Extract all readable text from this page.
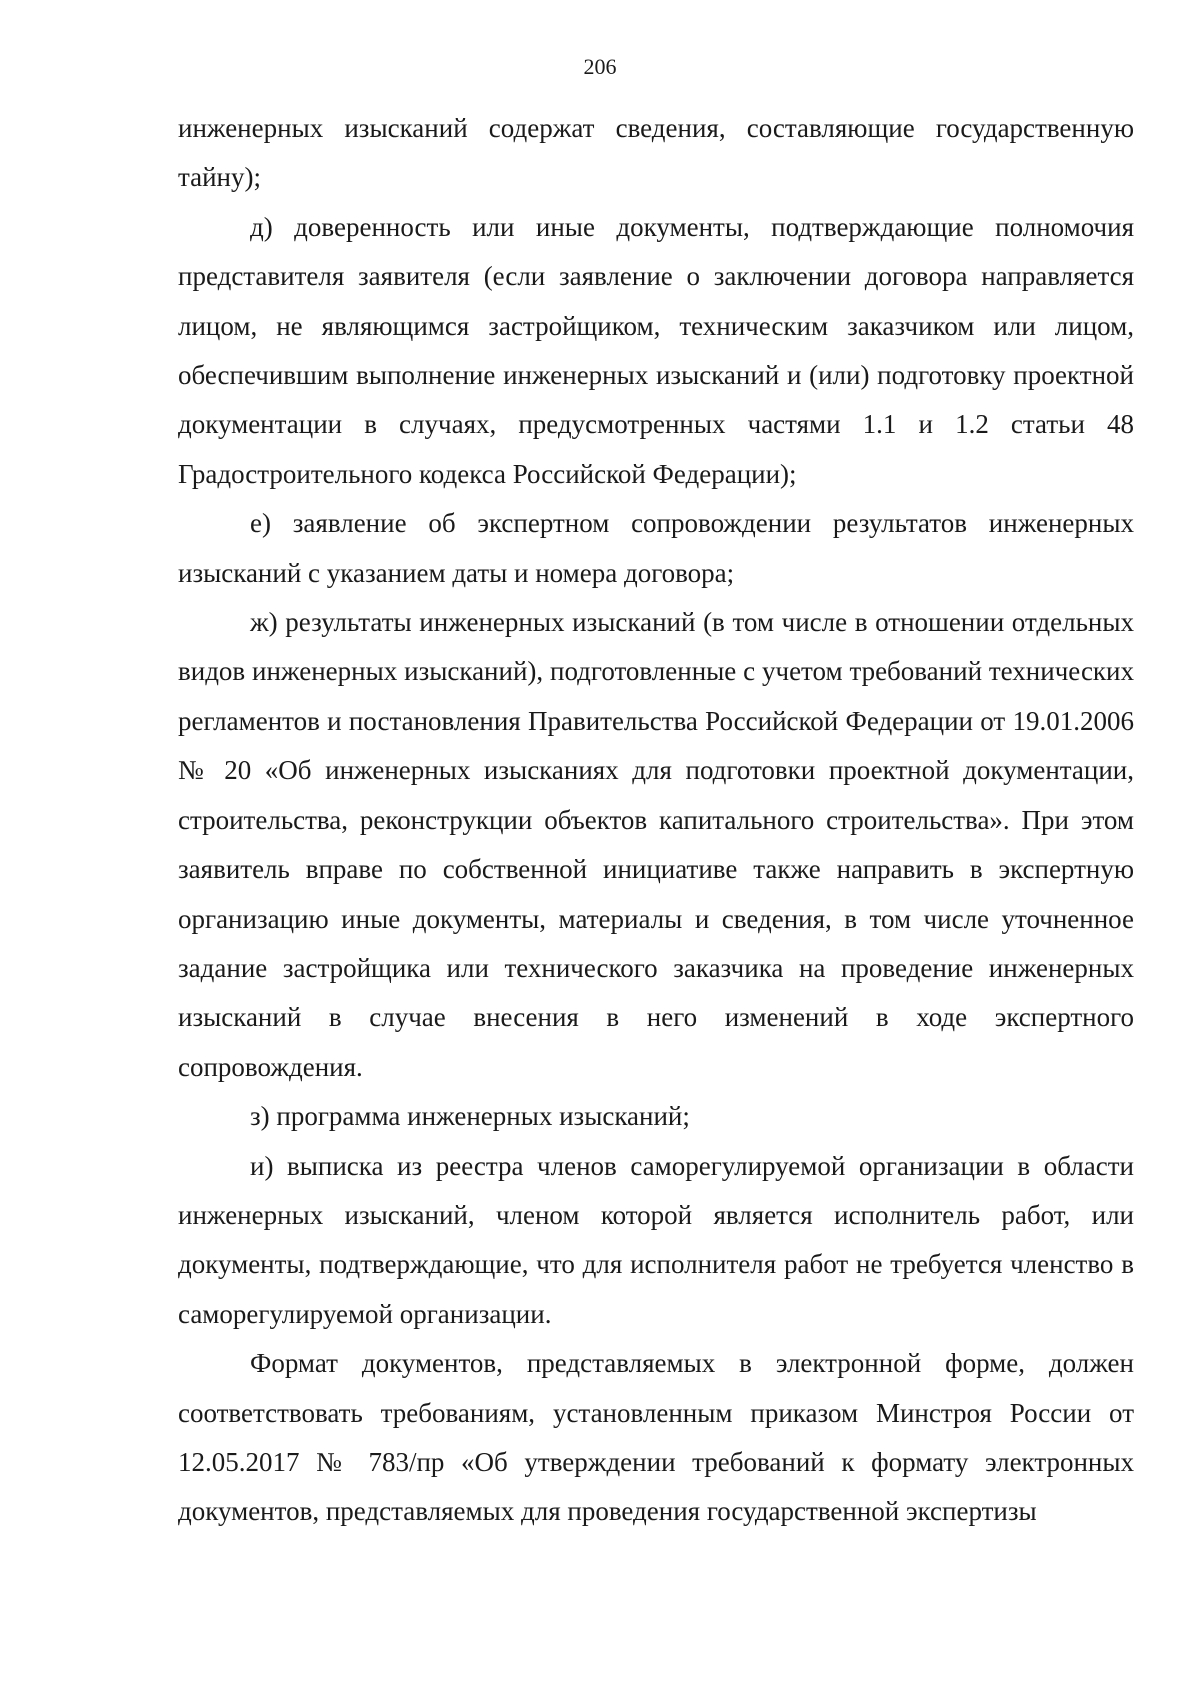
206

инженерных изысканий содержат сведения, составляющие государственную тайну);

д) доверенность или иные документы, подтверждающие полномочия представителя заявителя (если заявление о заключении договора направляется лицом, не являющимся застройщиком, техническим заказчиком или лицом, обеспечившим выполнение инженерных изысканий и (или) подготовку проектной документации в случаях, предусмотренных частями 1.1 и 1.2 статьи 48 Градостроительного кодекса Российской Федерации);

е) заявление об экспертном сопровождении результатов инженерных изысканий с указанием даты и номера договора;

ж) результаты инженерных изысканий (в том числе в отношении отдельных видов инженерных изысканий), подготовленные с учетом требований технических регламентов и постановления Правительства Российской Федерации от 19.01.2006 № 20 «Об инженерных изысканиях для подготовки проектной документации, строительства, реконструкции объектов капитального строительства». При этом заявитель вправе по собственной инициативе также направить в экспертную организацию иные документы, материалы и сведения, в том числе уточненное задание застройщика или технического заказчика на проведение инженерных изысканий в случае внесения в него изменений в ходе экспертного сопровождения.

з) программа инженерных изысканий;

и) выписка из реестра членов саморегулируемой организации в области инженерных изысканий, членом которой является исполнитель работ, или документы, подтверждающие, что для исполнителя работ не требуется членство в саморегулируемой организации.

Формат документов, представляемых в электронной форме, должен соответствовать требованиям, установленным приказом Минстроя России от 12.05.2017 № 783/пр «Об утверждении требований к формату электронных документов, представляемых для проведения государственной экспертизы
